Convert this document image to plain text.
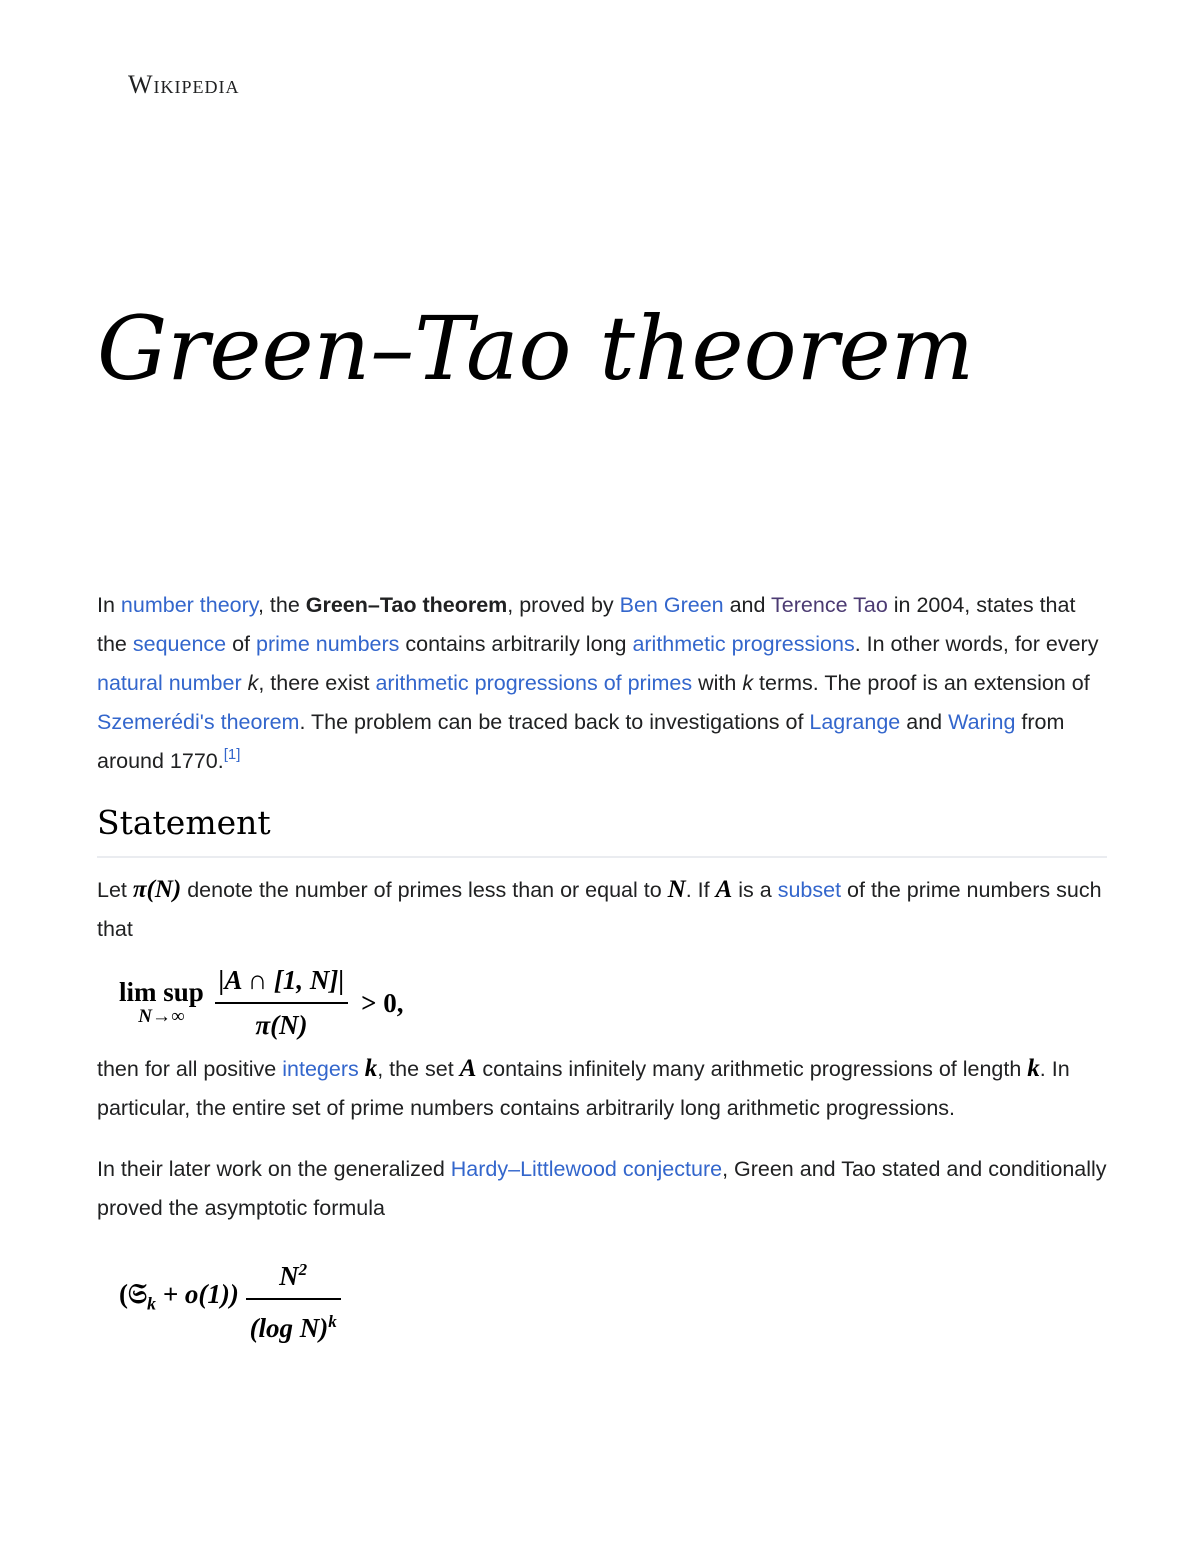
Wikipedia
Green–Tao theorem

In number theory, the Green–Tao theorem, proved by Ben Green and Terence Tao in 2004, states that the sequence of prime numbers contains arbitrarily long arithmetic progressions. In other words, for every natural number k, there exist arithmetic progressions of primes with k terms. The proof is an extension of Szemerédi's theorem. The problem can be traced back to investigations of Lagrange and Waring from around 1770.[1]

Statement

Let π(N) denote the number of primes less than or equal to N. If A is a subset of the prime numbers such that

lim sup
N→∞
	$\frac{|A \cap [1, N]|}{\pi(N)} > 0$,

then for all positive integers k, the set A contains infinitely many arithmetic progressions of length k. In particular, the entire set of prime numbers contains arbitrarily long arithmetic progressions.

In their later work on the generalized Hardy–Littlewood conjecture, Green and Tao stated and conditionally proved the asymptotic formula

(𝔖$_k$ + $o(1)) \frac{N^2}{(\log N)^k}$
